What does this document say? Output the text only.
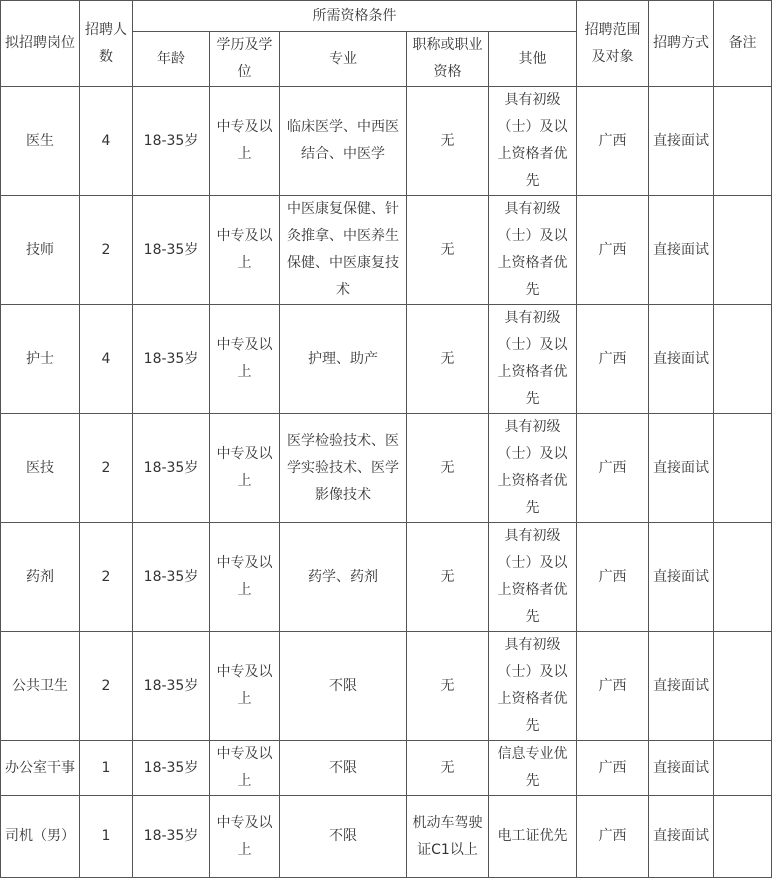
拟招聘岗位	招聘人数	所需资格条件					招聘范围及对象	招聘方式	备注
		年龄	学历及学位	专业	职称或职业资格	其他			
医生	4	18-35岁	中专及以上	临床医学、中西医结合、中医学	无	具有初级（士）及以上资格者优先	广西	直接面试	
技师	2	18-35岁	中专及以上	中医康复保健、针灸推拿、中医养生保健、中医康复技术	无	具有初级（士）及以上资格者优先	广西	直接面试	
护士	4	18-35岁	中专及以上	护理、助产	无	具有初级（士）及以上资格者优先	广西	直接面试	
医技	2	18-35岁	中专及以上	医学检验技术、医学实验技术、医学影像技术	无	具有初级（士）及以上资格者优先	广西	直接面试	
药剂	2	18-35岁	中专及以上	药学、药剂	无	具有初级（士）及以上资格者优先	广西	直接面试	
公共卫生	2	18-35岁	中专及以上	不限	无	具有初级（士）及以上资格者优先	广西	直接面试	
办公室干事	1	18-35岁	中专及以上	不限	无	信息专业优先	广西	直接面试	
司机（男）	1	18-35岁	中专及以上	不限	机动车驾驶证C1以上	电工证优先	广西	直接面试	
